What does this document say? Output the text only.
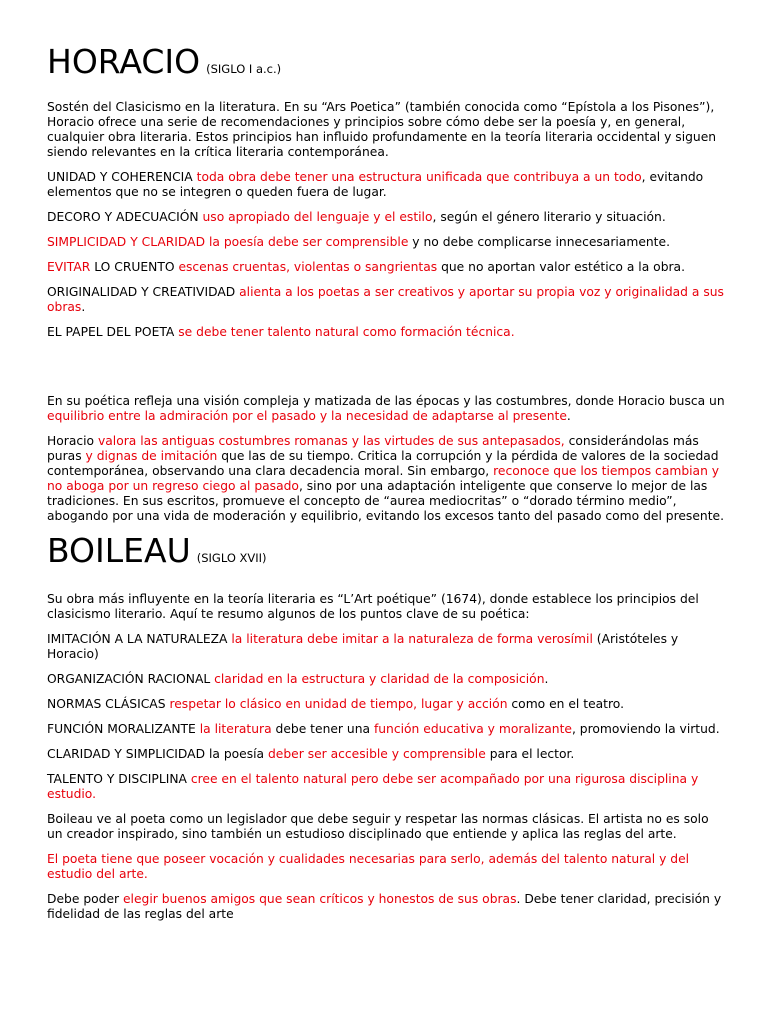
HORACIO (SIGLO I a.c.)

Sostén del Clasicismo en la literatura. En su “Ars Poetica” (también conocida como “Epístola a los Pisones”), Horacio ofrece una serie de recomendaciones y principios sobre cómo debe ser la poesía y, en general, cualquier obra literaria. Estos principios han influido profundamente en la teoría literaria occidental y siguen siendo relevantes en la crítica literaria contemporánea.

UNIDAD Y COHERENCIA toda obra debe tener una estructura unificada que contribuya a un todo, evitando elementos que no se integren o queden fuera de lugar.

DECORO Y ADECUACIÓN uso apropiado del lenguaje y el estilo, según el género literario y situación.

SIMPLICIDAD Y CLARIDAD la poesía debe ser comprensible y no debe complicarse innecesariamente.

EVITAR LO CRUENTO escenas cruentas, violentas o sangrientas que no aportan valor estético a la obra.

ORIGINALIDAD Y CREATIVIDAD alienta a los poetas a ser creativos y aportar su propia voz y originalidad a sus obras.

EL PAPEL DEL POETA se debe tener talento natural como formación técnica.

En su poética refleja una visión compleja y matizada de las épocas y las costumbres, donde Horacio busca un equilibrio entre la admiración por el pasado y la necesidad de adaptarse al presente.

Horacio valora las antiguas costumbres romanas y las virtudes de sus antepasados, considerándolas más puras y dignas de imitación que las de su tiempo. Critica la corrupción y la pérdida de valores de la sociedad contemporánea, observando una clara decadencia moral. Sin embargo, reconoce que los tiempos cambian y no aboga por un regreso ciego al pasado, sino por una adaptación inteligente que conserve lo mejor de las tradiciones. En sus escritos, promueve el concepto de “aurea mediocritas” o “dorado término medio”, abogando por una vida de moderación y equilibrio, evitando los excesos tanto del pasado como del presente.

BOILEAU (SIGLO XVII)

Su obra más influyente en la teoría literaria es “L’Art poétique” (1674), donde establece los principios del clasicismo literario. Aquí te resumo algunos de los puntos clave de su poética:

IMITACIÓN A LA NATURALEZA la literatura debe imitar a la naturaleza de forma verosímil (Aristóteles y Horacio)

ORGANIZACIÓN RACIONAL claridad en la estructura y claridad de la composición.

NORMAS CLÁSICAS respetar lo clásico en unidad de tiempo, lugar y acción como en el teatro.

FUNCIÓN MORALIZANTE la literatura debe tener una función educativa y moralizante, promoviendo la virtud.

CLARIDAD Y SIMPLICIDAD la poesía deber ser accesible y comprensible para el lector.

TALENTO Y DISCIPLINA cree en el talento natural pero debe ser acompañado por una rigurosa disciplina y estudio.

Boileau ve al poeta como un legislador que debe seguir y respetar las normas clásicas. El artista no es solo un creador inspirado, sino también un estudioso disciplinado que entiende y aplica las reglas del arte.

El poeta tiene que poseer vocación y cualidades necesarias para serlo, además del talento natural y del estudio del arte.

Debe poder elegir buenos amigos que sean críticos y honestos de sus obras. Debe tener claridad, precisión y fidelidad de las reglas del arte
